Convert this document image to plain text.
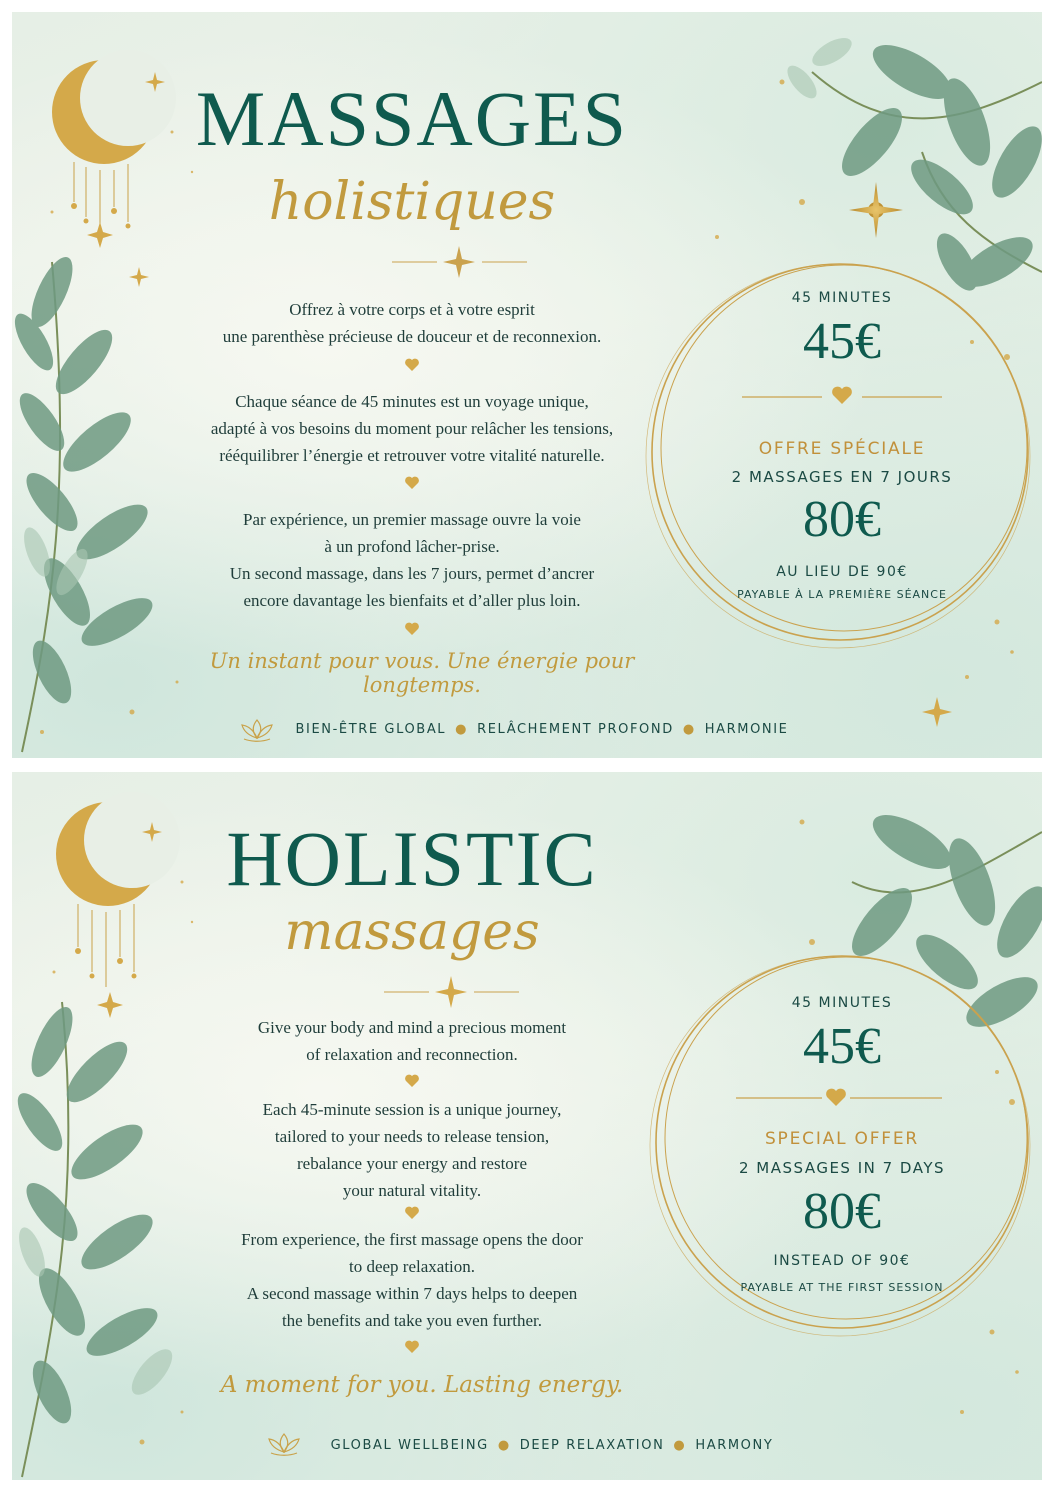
MASSAGES
holistiques
Offrez à votre corps et à votre esprit
une parenthèse précieuse de douceur et de reconnexion.
Chaque séance de 45 minutes est un voyage unique,
adapté à vos besoins du moment pour relâcher les tensions,
rééquilibrer l’énergie et retrouver votre vitalité naturelle.
Par expérience, un premier massage ouvre la voie
à un profond lâcher-prise.
Un second massage, dans les 7 jours, permet d’ancrer
encore davantage les bienfaits et d’aller plus loin.
Un instant pour vous. Une énergie pour longtemps.
45 MINUTES
45€
OFFRE SPÉCIALE
2 MASSAGES EN 7 JOURS
80€
AU LIEU DE 90€
PAYABLE À LA PREMIÈRE SÉANCE
BIEN-ÊTRE GLOBAL ● RELÂCHEMENT PROFOND ● HARMONIE
HOLISTIC
massages
Give your body and mind a precious moment
of relaxation and reconnection.
Each 45-minute session is a unique journey,
tailored to your needs to release tension,
rebalance your energy and restore
your natural vitality.
From experience, the first massage opens the door
to deep relaxation.
A second massage within 7 days helps to deepen
the benefits and take you even further.
A moment for you. Lasting energy.
45 MINUTES
45€
SPECIAL OFFER
2 MASSAGES IN 7 DAYS
80€
INSTEAD OF 90€
PAYABLE AT THE FIRST SESSION
GLOBAL WELLBEING ● DEEP RELAXATION ● HARMONY
